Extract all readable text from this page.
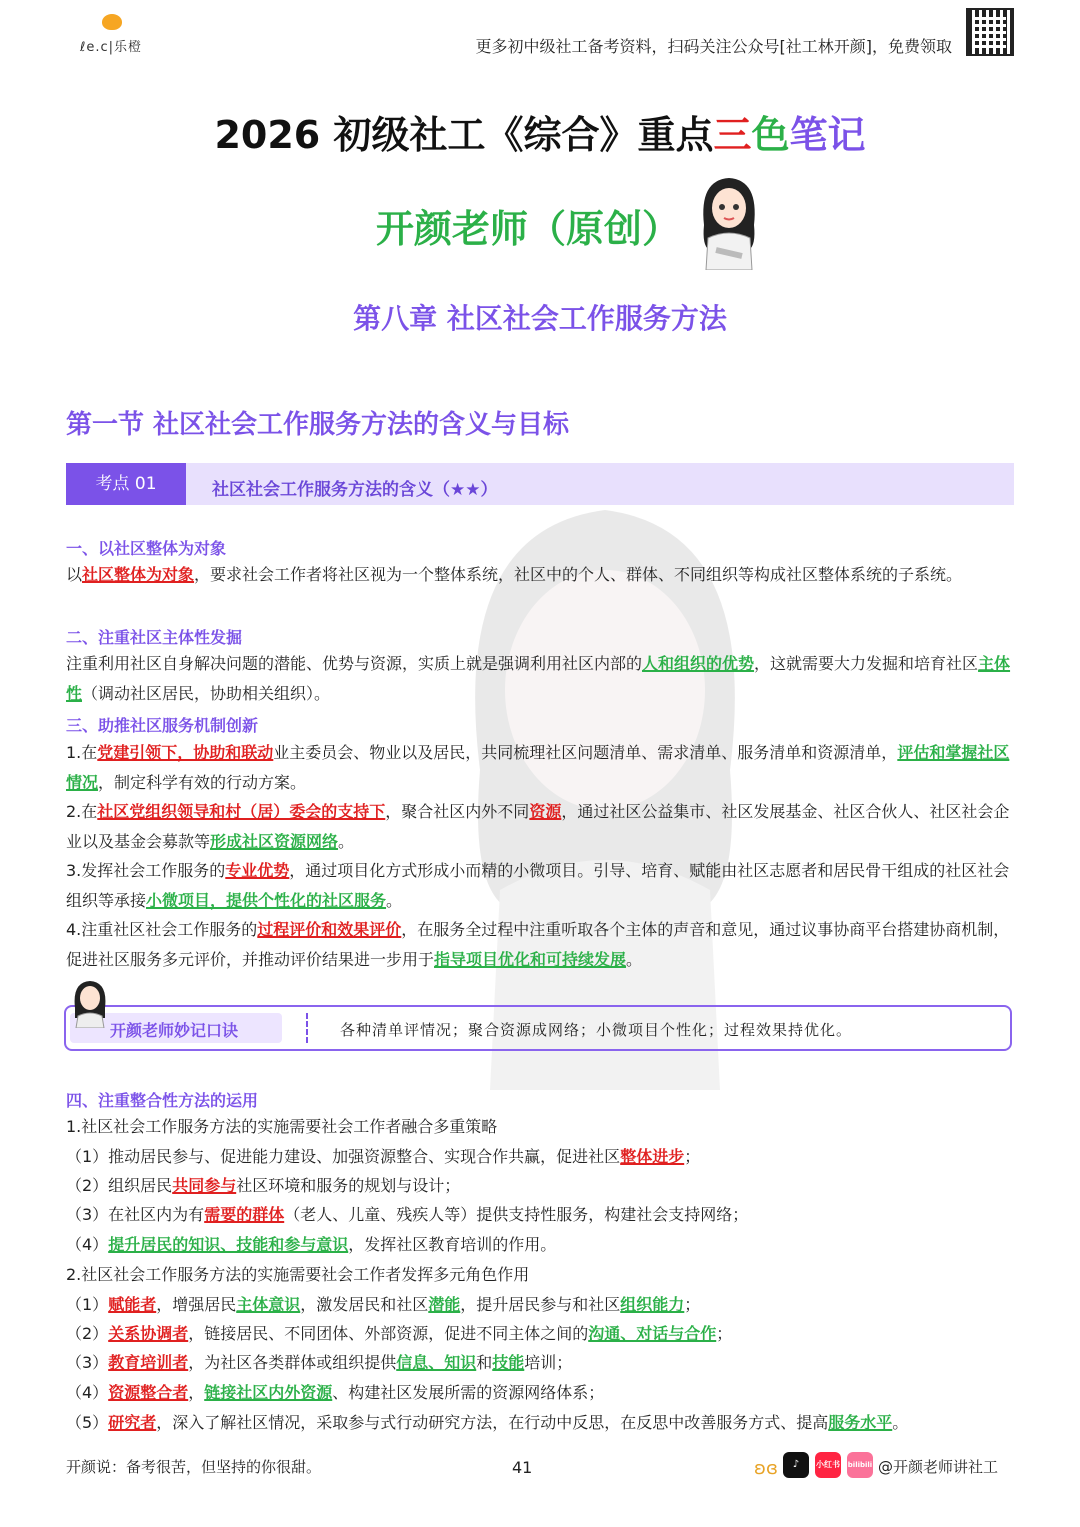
ℓe.c|乐橙	更多初中级社工备考资料，扫码关注公众号[社工林开颜]，免费领取
2026 初级社工《综合》重点三色笔记
开颜老师（原创）
第八章 社区社会工作服务方法
第一节 社区社会工作服务方法的含义与目标
考点 01	社区社会工作服务方法的含义（★★）
一、以社区整体为对象
以社区整体为对象，要求社会工作者将社区视为一个整体系统，社区中的个人、群体、不同组织等构成社区整体系统的子系统。
二、注重社区主体性发掘
注重利用社区自身解决问题的潜能、优势与资源，实质上就是强调利用社区内部的人和组织的优势，这就需要大力发掘和培育社区主体性（调动社区居民，协助相关组织）。
三、助推社区服务机制创新
1.在党建引领下，协助和联动业主委员会、物业以及居民，共同梳理社区问题清单、需求清单、服务清单和资源清单，评估和掌握社区情况，制定科学有效的行动方案。
2.在社区党组织领导和村（居）委会的支持下，聚合社区内外不同资源，通过社区公益集市、社区发展基金、社区合伙人、社区社会企业以及基金会募款等形成社区资源网络。
3.发挥社会工作服务的专业优势，通过项目化方式形成小而精的小微项目。引导、培育、赋能由社区志愿者和居民骨干组成的社区社会组织等承接小微项目，提供个性化的社区服务。
4.注重社区社会工作服务的过程评价和效果评价，在服务全过程中注重听取各个主体的声音和意见，通过议事协商平台搭建协商机制，促进社区服务多元评价，并推动评价结果进一步用于指导项目优化和可持续发展。
开颜老师妙记口诀	各种清单评情况；聚合资源成网络；小微项目个性化；过程效果持优化。
四、注重整合性方法的运用
1.社区社会工作服务方法的实施需要社会工作者融合多重策略
（1）推动居民参与、促进能力建设、加强资源整合、实现合作共赢，促进社区整体进步；
（2）组织居民共同参与社区环境和服务的规划与设计；
（3）在社区内为有需要的群体（老人、儿童、残疾人等）提供支持性服务，构建社会支持网络；
（4）提升居民的知识、技能和参与意识，发挥社区教育培训的作用。
2.社区社会工作服务方法的实施需要社会工作者发挥多元角色作用
（1）赋能者，增强居民主体意识，激发居民和社区潜能，提升居民参与和社区组织能力；
（2）关系协调者，链接居民、不同团体、外部资源，促进不同主体之间的沟通、对话与合作；
（3）教育培训者，为社区各类群体或组织提供信息、知识和技能培训；
（4）资源整合者，链接社区内外资源、构建社区发展所需的资源网络体系；
（5）研究者，深入了解社区情况，采取参与式行动研究方法，在行动中反思，在反思中改善服务方式、提高服务水平。
开颜说：备考很苦，但坚持的你很甜。	41	ʚɞ	♪	小红书 bilibili @开颜老师讲社工
